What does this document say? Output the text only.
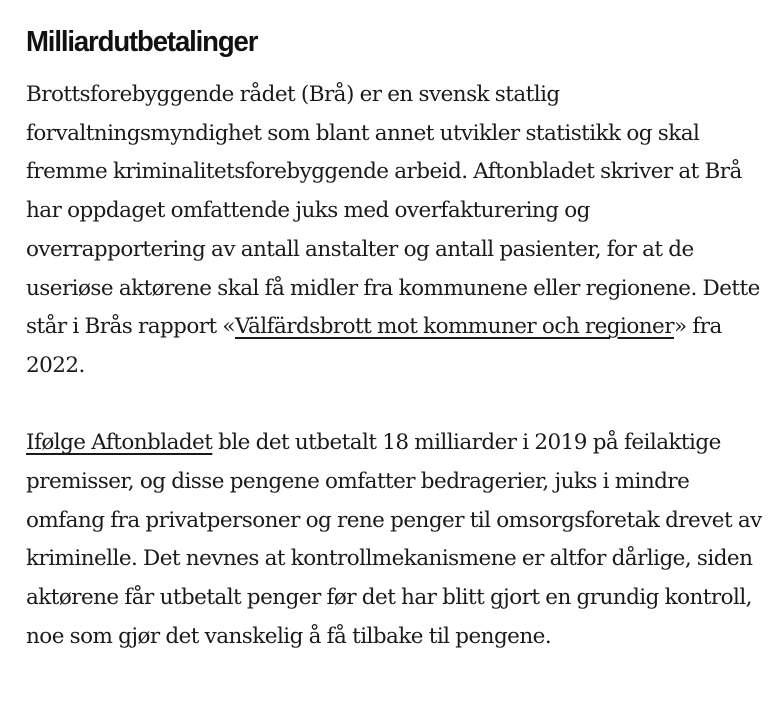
Milliardutbetalinger

Brottsforebyggende rådet (Brå) er en svensk statlig forvaltningsmyndighet som blant annet utvikler statistikk og skal fremme kriminalitetsforebyggende arbeid. Aftonbladet skriver at Brå har oppdaget omfattende juks med overfakturering og overrapportering av antall anstalter og antall pasienter, for at de useriøse aktørene skal få midler fra kommunene eller regionene. Dette står i Brås rapport «Välfärdsbrott mot kommuner och regioner» fra 2022.

Ifølge Aftonbladet ble det utbetalt 18 milliarder i 2019 på feilaktige premisser, og disse pengene omfatter bedragerier, juks i mindre omfang fra privatpersoner og rene penger til omsorgsforetak drevet av kriminelle. Det nevnes at kontrollmekanismene er altfor dårlige, siden aktørene får utbetalt penger før det har blitt gjort en grundig kontroll, noe som gjør det vanskelig å få tilbake til pengene.
